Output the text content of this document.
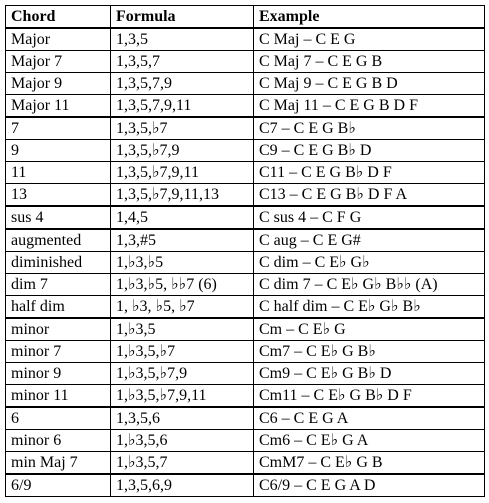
Chord	Formula	Example
Major	1,3,5	C Maj – C E G
Major 7	1,3,5,7	C Maj 7 – C E G B
Major 9	1,3,5,7,9	C Maj 9 – C E G B D
Major 11	1,3,5,7,9,11	C Maj 11 – C E G B D F
7	1,3,5,♭7	C7 – C E G B♭
9	1,3,5,♭7,9	C9 – C E G B♭ D
11	1,3,5,♭7,9,11	C11 – C E G B♭ D F
13	1,3,5,♭7,9,11,13	C13 – C E G B♭ D F A
sus 4	1,4,5	C sus 4 – C F G
augmented	1,3,#5	C aug – C E G#
diminished	1,♭3,♭5	C dim – C E♭ G♭
dim 7	1,♭3,♭5, ♭♭7 (6)	C dim 7 – C E♭ G♭ B♭♭ (A)
half dim	1, ♭3, ♭5, ♭7	C half dim – C E♭ G♭ B♭
minor	1,♭3,5	Cm – C E♭ G
minor 7	1,♭3,5,♭7	Cm7 – C E♭ G B♭
minor 9	1,♭3,5,♭7,9	Cm9 – C E♭ G B♭ D
minor 11	1,♭3,5,♭7,9,11	Cm11 – C E♭ G B♭ D F
6	1,3,5,6	C6 – C E G A
minor 6	1,♭3,5,6	Cm6 – C E♭ G A
min Maj 7	1,♭3,5,7	CmM7 – C E♭ G B
6/9	1,3,5,6,9	C6/9 – C E G A D
